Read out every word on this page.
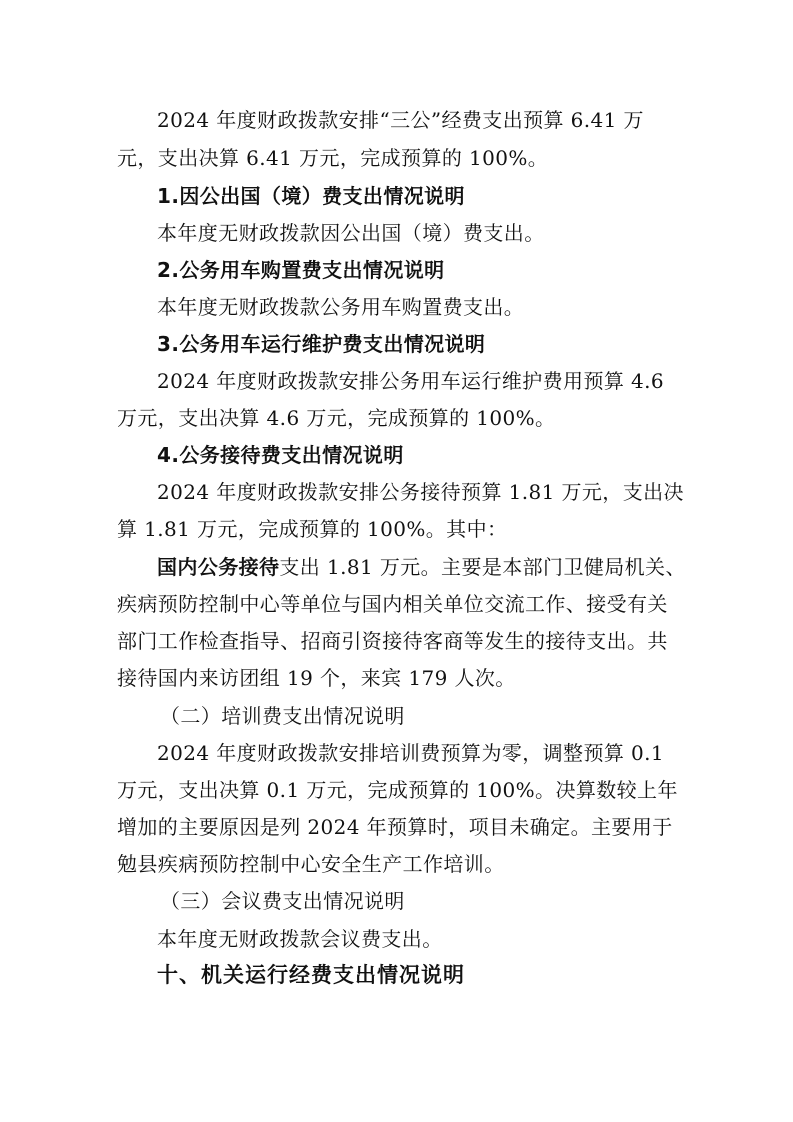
2024 年度财政拨款安排“三公”经费支出预算 6.41 万
元，支出决算 6.41 万元，完成预算的 100%。
1.因公出国（境）费支出情况说明
本年度无财政拨款因公出国（境）费支出。
2.公务用车购置费支出情况说明
本年度无财政拨款公务用车购置费支出。
3.公务用车运行维护费支出情况说明
2024 年度财政拨款安排公务用车运行维护费用预算 4.6
万元，支出决算 4.6 万元，完成预算的 100%。
4.公务接待费支出情况说明
2024 年度财政拨款安排公务接待预算 1.81 万元，支出决
算 1.81 万元，完成预算的 100%。其中：
国内公务接待支出 1.81 万元。主要是本部门卫健局机关、
疾病预防控制中心等单位与国内相关单位交流工作、接受有关
部门工作检查指导、招商引资接待客商等发生的接待支出。共
接待国内来访团组 19 个，来宾 179 人次。
（二）培训费支出情况说明
2024 年度财政拨款安排培训费预算为零，调整预算 0.1
万元，支出决算 0.1 万元，完成预算的 100%。决算数较上年
增加的主要原因是列 2024 年预算时，项目未确定。主要用于
勉县疾病预防控制中心安全生产工作培训。
（三）会议费支出情况说明
本年度无财政拨款会议费支出。
十、机关运行经费支出情况说明
